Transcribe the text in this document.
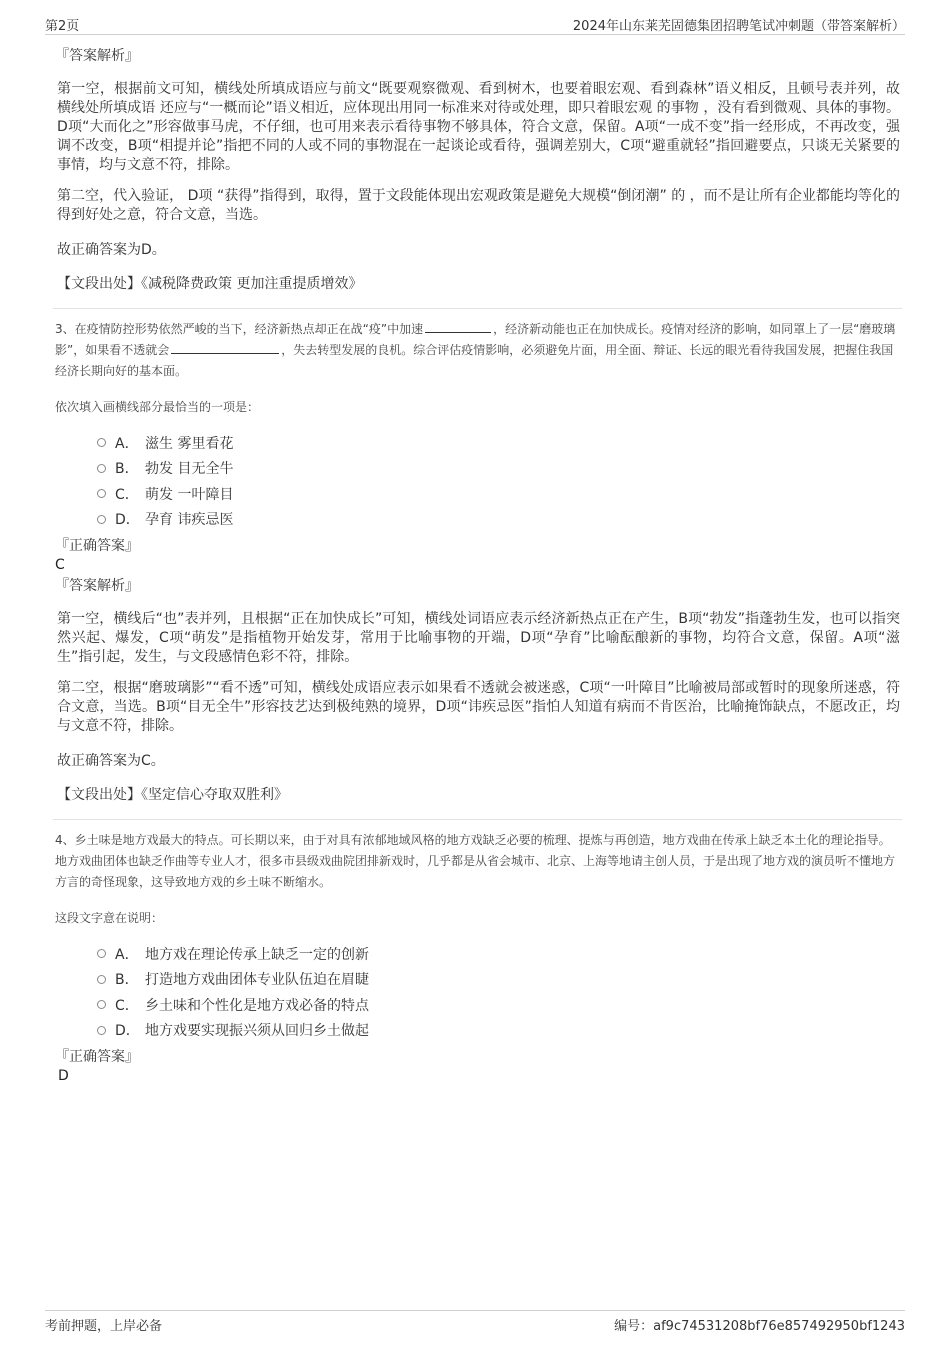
第2页	2024年山东莱芜固德集团招聘笔试冲刺题（带答案解析）

『答案解析』

第一空，根据前文可知，横线处所填成语应与前文“既要观察微观、看到树木，也要着眼宏观、看到森林”语义相反，且顿号表并列，故 横线处所填成语 还应与“一概而论”语义相近，应体现出用同一标准来对待或处理，即只着眼宏观 的事物 ，没有看到微观、具体的事物。D项“大而化之”形容做事马虎，不仔细，也可用来表示看待事物不够具体，符合文意，保留。A项“一成不变”指一经形成，不再改变，强调不改变，B项“相提并论”指把不同的人或不同的事物混在一起谈论或看待，强调差别大，C项“避重就轻”指回避要点，只谈无关紧要的事情，均与文意不符，排除。

第二空，代入验证， D项 “获得”指得到，取得，置于文段能体现出宏观政策是避免大规模“倒闭潮” 的 ，而不是让所有企业都能均等化的得到好处之意，符合文意，当选。

故正确答案为D。

【文段出处】《减税降费政策 更加注重提质增效》

3、在疫情防控形势依然严峻的当下，经济新热点却正在战“疫”中加速	，经济新动能也正在加快成长。疫情对经济的影响，如同罩上了一层“磨玻璃影”，如果看不透就会	，失去转型发展的良机。综合评估疫情影响，必须避免片面，用全面、辩证、长远的眼光看待我国发展，把握住我国经济长期向好的基本面。

依次填入画横线部分最恰当的一项是：

A． 滋生 雾里看花
B． 勃发 目无全牛
C． 萌发 一叶障目
D． 孕育 讳疾忌医

『正确答案』

C

『答案解析』

第一空，横线后“也”表并列，且根据“正在加快成长”可知，横线处词语应表示经济新热点正在产生，B项“勃发”指蓬勃生发，也可以指突然兴起、爆发，C项“萌发”是指植物开始发芽，常用于比喻事物的开端，D项“孕育”比喻酝酿新的事物，均符合文意，保留。A项“滋生”指引起，发生，与文段感情色彩不符，排除。

第二空，根据“磨玻璃影”“看不透”可知，横线处成语应表示如果看不透就会被迷惑，C项“一叶障目”比喻被局部或暂时的现象所迷惑，符合文意，当选。B项“目无全牛”形容技艺达到极纯熟的境界，D项“讳疾忌医”指怕人知道有病而不肯医治，比喻掩饰缺点，不愿改正，均与文意不符，排除。

故正确答案为C。

【文段出处】《坚定信心夺取双胜利》

4、乡土味是地方戏最大的特点。可长期以来，由于对具有浓郁地域风格的地方戏缺乏必要的梳理、提炼与再创造，地方戏曲在传承上缺乏本土化的理论指导。地方戏曲团体也缺乏作曲等专业人才，很多市县级戏曲院团排新戏时，几乎都是从省会城市、北京、上海等地请主创人员，于是出现了地方戏的演员听不懂地方方言的奇怪现象，这导致地方戏的乡土味不断缩水。

这段文字意在说明：

A． 地方戏在理论传承上缺乏一定的创新
B． 打造地方戏曲团体专业队伍迫在眉睫
C． 乡土味和个性化是地方戏必备的特点
D． 地方戏要实现振兴须从回归乡土做起

『正确答案』

D

考前押题，上岸必备	编号：af9c74531208bf76e857492950bf1243
